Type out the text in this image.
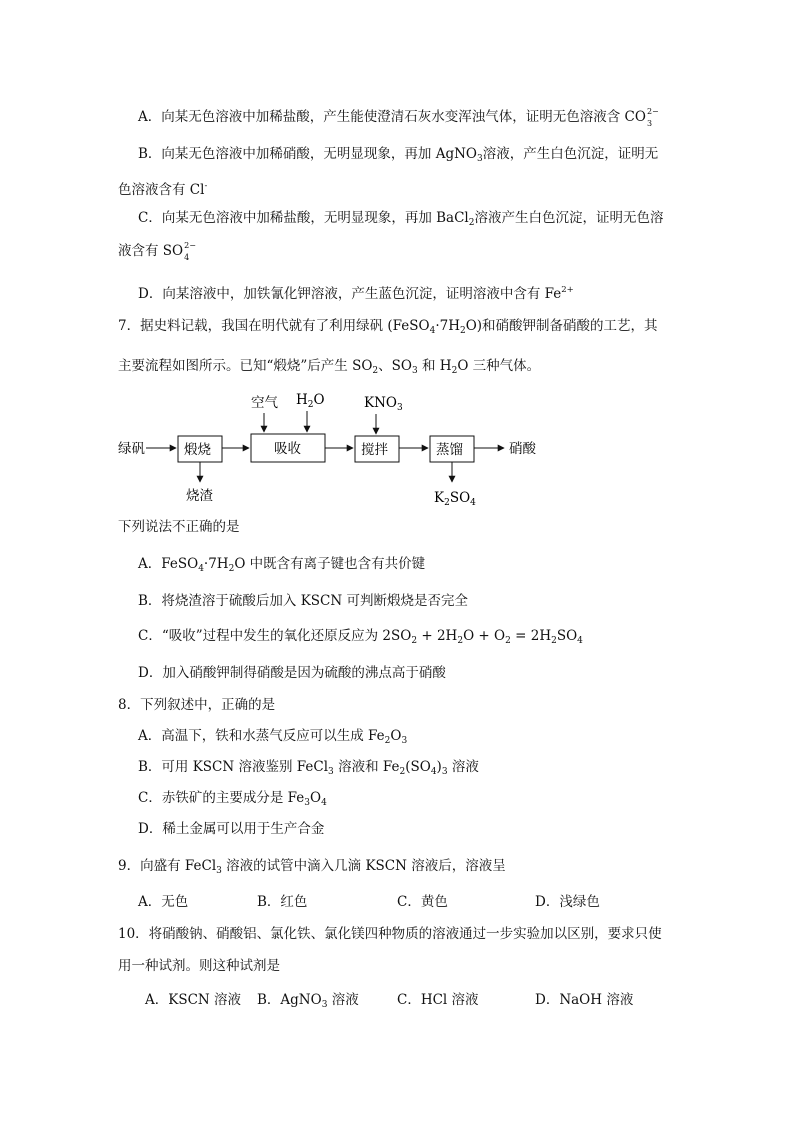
A．向某无色溶液中加稀盐酸，产生能使澄清石灰水变浑浊气体，证明无色溶液含 CO 2−
3
B．向某无色溶液中加稀硝酸，无明显现象，再加 AgNO$_3$溶液，产生白色沉淀，证明无
色溶液含有 Cl-
C．向某无色溶液中加稀盐酸，无明显现象，再加 BaCl$_2$溶液产生白色沉淀，证明无色溶
液含有 SO 2−
4
D．向某溶液中，加铁氰化钾溶液，产生蓝色沉淀，证明溶液中含有 $Fe^{2+}$
7．据史料记载，我国在明代就有了利用绿矾 $(FeSO_4\cdot 7H_2O)$和硝酸钾制备硝酸的工艺，其
主要流程如图所示。已知“煅烧”后产生 $SO_2$、$SO_3$ 和 $H_2O$ 三种气体。
绿矾	煅烧
烧渣
吸收
空气 $H_2O$
搅拌
$KNO_3$
蒸馏
$K_2SO_4$
硝酸
下列说法不正确的是
A．$FeSO_4\cdot 7H_2O$ 中既含有离子键也含有共价键
B．将烧渣溶于硫酸后加入 KSCN 可判断煅烧是否完全
C．“吸收”过程中发生的氧化还原反应为 $2SO_2 + 2H_2O + O_2 = 2H_2SO_4$
D．加入硝酸钾制得硝酸是因为硫酸的沸点高于硝酸
8．下列叙述中，正确的是
A．高温下，铁和水蒸气反应可以生成 $Fe_2O_3$
B．可用 KSCN 溶液鉴别 FeCl$_3$ 溶液和 $Fe_2(SO_4)_3$ 溶液
C．赤铁矿的主要成分是 $Fe_3O_4$
D．稀土金属可以用于生产合金
9．向盛有 FeCl$_3$ 溶液的试管中滴入几滴 KSCN 溶液后，溶液呈
A．无色	B．红色	C．黄色	D．浅绿色
10．将硝酸钠、硝酸铝、氯化铁、氯化镁四种物质的溶液通过一步实验加以区别，要求只使
用一种试剂。则这种试剂是
A．KSCN 溶液 B．AgNO$_3$ 溶液	C．HCl 溶液	D．NaOH 溶液
